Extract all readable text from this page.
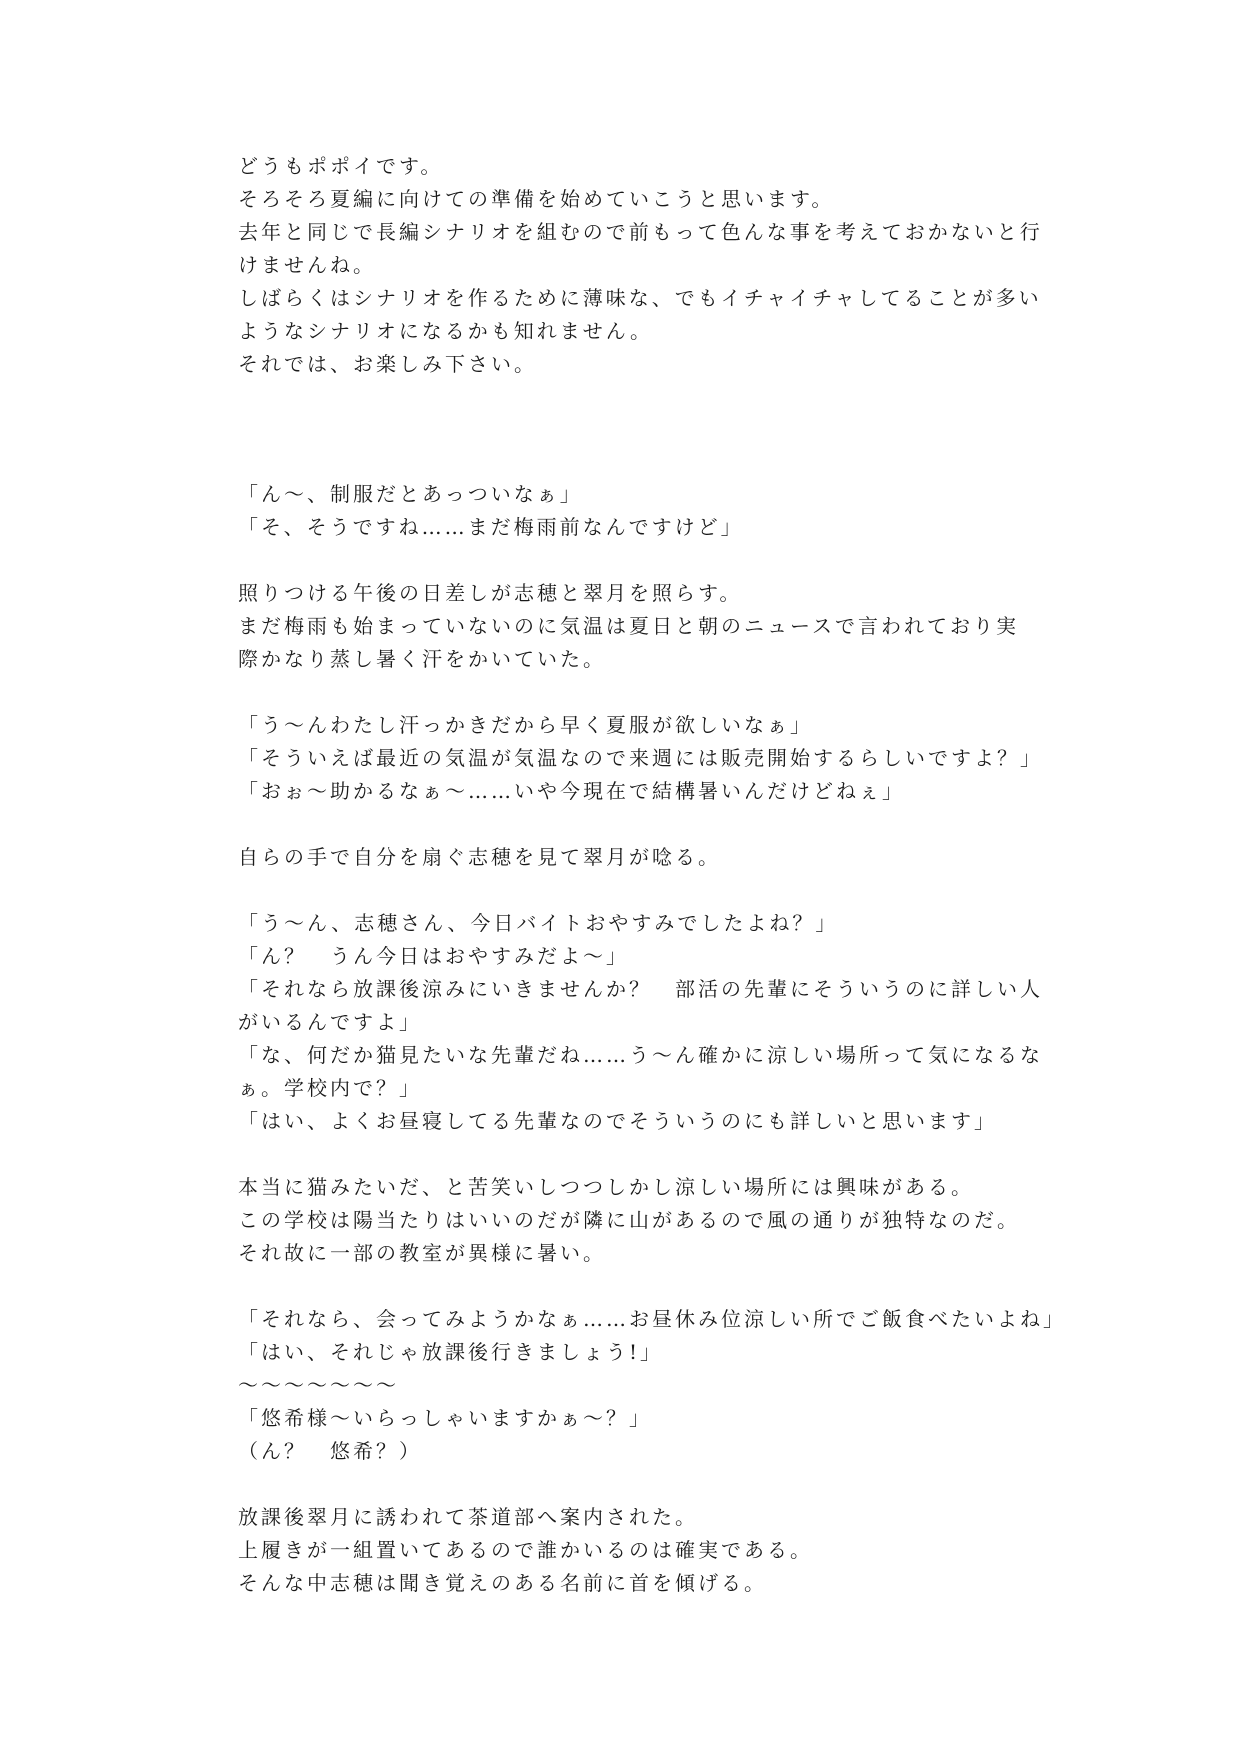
どうもポポイです。
そろそろ夏編に向けての準備を始めていこうと思います。
去年と同じで長編シナリオを組むので前もって色んな事を考えておかないと行
けませんね。
しばらくはシナリオを作るために薄味な、でもイチャイチャしてることが多い
ようなシナリオになるかも知れません。
それでは、お楽しみ下さい。
「ん～、制服だとあっついなぁ」
「そ、そうですね……まだ梅雨前なんですけど」
照りつける午後の日差しが志穂と翠月を照らす。
まだ梅雨も始まっていないのに気温は夏日と朝のニュースで言われており実
際かなり蒸し暑く汗をかいていた。
「う～んわたし汗っかきだから早く夏服が欲しいなぁ」
「そういえば最近の気温が気温なので来週には販売開始するらしいですよ？」
「おぉ～助かるなぁ～……いや今現在で結構暑いんだけどねぇ」
自らの手で自分を扇ぐ志穂を見て翠月が唸る。
「う～ん、志穂さん、今日バイトおやすみでしたよね？」
「ん？　うん今日はおやすみだよ～」
「それなら放課後涼みにいきませんか？　部活の先輩にそういうのに詳しい人
がいるんですよ」
「な、何だか猫見たいな先輩だね……う～ん確かに涼しい場所って気になるな
ぁ。学校内で？」
「はい、よくお昼寝してる先輩なのでそういうのにも詳しいと思います」
本当に猫みたいだ、と苦笑いしつつしかし涼しい場所には興味がある。
この学校は陽当たりはいいのだが隣に山があるので風の通りが独特なのだ。
それ故に一部の教室が異様に暑い。
「それなら、会ってみようかなぁ……お昼休み位涼しい所でご飯食べたいよね」
「はい、それじゃ放課後行きましょう!」
～～～～～～～
「悠希様～いらっしゃいますかぁ～？」
（ん？　悠希？）
放課後翠月に誘われて茶道部へ案内された。
上履きが一組置いてあるので誰かいるのは確実である。
そんな中志穂は聞き覚えのある名前に首を傾げる。
